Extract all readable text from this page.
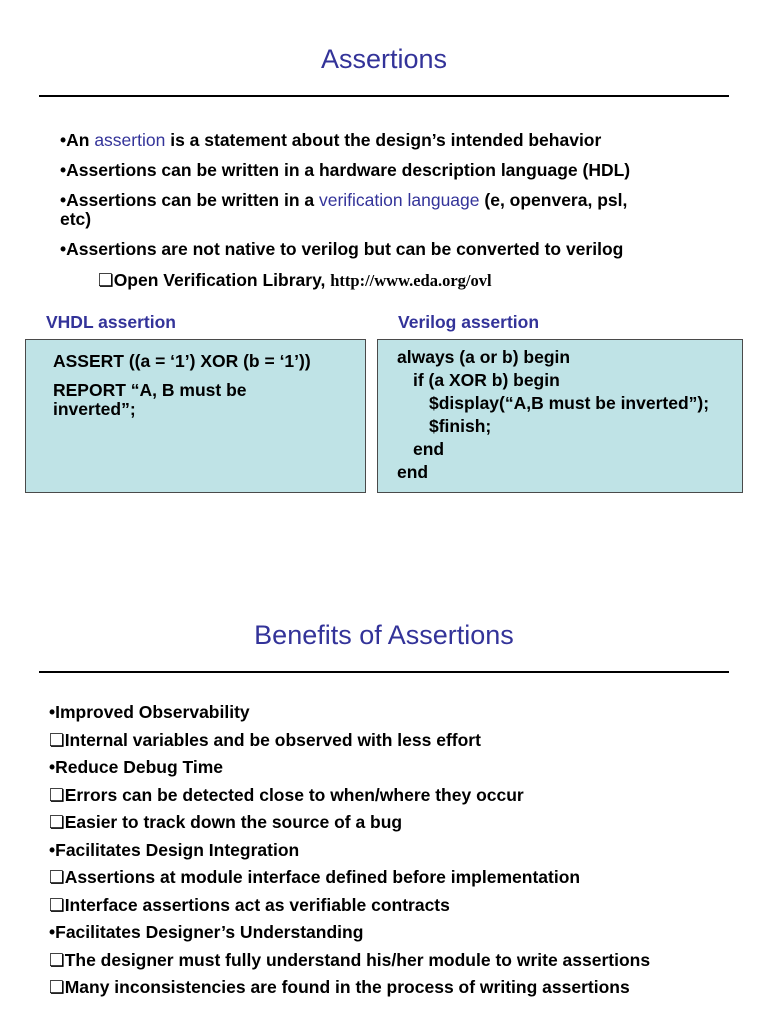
Assertions
•An assertion is a statement about the design’s intended behavior
•Assertions can be written in a hardware description language (HDL)
•Assertions can be written in a verification language (e, openvera, psl,
etc)
•Assertions are not native to verilog but can be converted to verilog
❏Open Verification Library, http://www.eda.org/ovl
VHDL assertion	Verilog assertion
ASSERT ((a = ‘1’) XOR (b = ‘1’))
REPORT “A, B must be
inverted”;
always (a or b) begin
if (a XOR b) begin
$display(“A,B must be inverted”);
$finish;
end
end
Benefits of Assertions
•Improved Observability
❏Internal variables and be observed with less effort
•Reduce Debug Time
❏Errors can be detected close to when/where they occur
❏Easier to track down the source of a bug
•Facilitates Design Integration
❏Assertions at module interface defined before implementation
❏Interface assertions act as verifiable contracts
•Facilitates Designer’s Understanding
❏The designer must fully understand his/her module to write assertions
❏Many inconsistencies are found in the process of writing assertions
